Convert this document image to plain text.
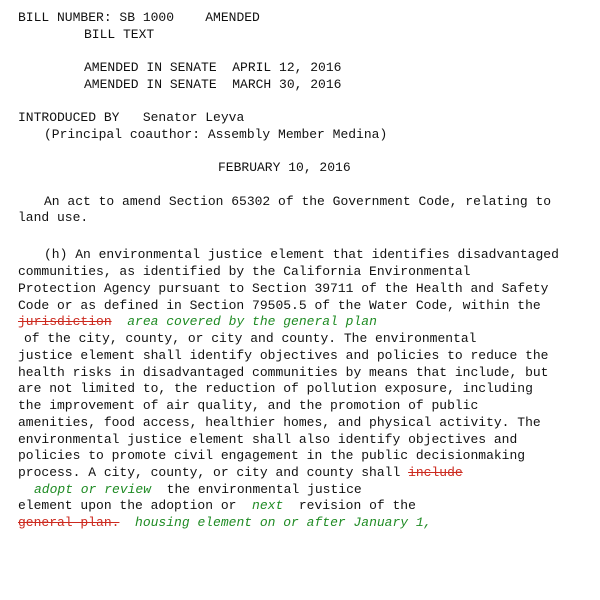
BILL NUMBER: SB 1000 AMENDED
BILL TEXT
AMENDED IN SENATE  APRIL 12, 2016
AMENDED IN SENATE  MARCH 30, 2016
INTRODUCED BY Senator Leyva
(Principal coauthor: Assembly Member Medina)
FEBRUARY 10, 2016
An act to amend Section 65302 of the Government Code, relating to
land use.
(h) An environmental justice element that identifies disadvantaged
communities, as identified by the California Environmental
Protection Agency pursuant to Section 39711 of the Health and Safety
Code or as defined in Section 79505.5 of the Water Code, within the
jurisdiction area covered by the general plan
of the city, county, or city and county. The environmental
justice element shall identify objectives and policies to reduce the
health risks in disadvantaged communities by means that include, but
are not limited to, the reduction of pollution exposure, including
the improvement of air quality, and the promotion of public
amenities, food access, healthier homes, and physical activity. The
environmental justice element shall also identify objectives and
policies to promote civil engagement in the public decisionmaking
process. A city, county, or city and county shall include
adopt or review the environmental justice
element upon the adoption or next revision of the
general plan. housing element on or after January 1,
